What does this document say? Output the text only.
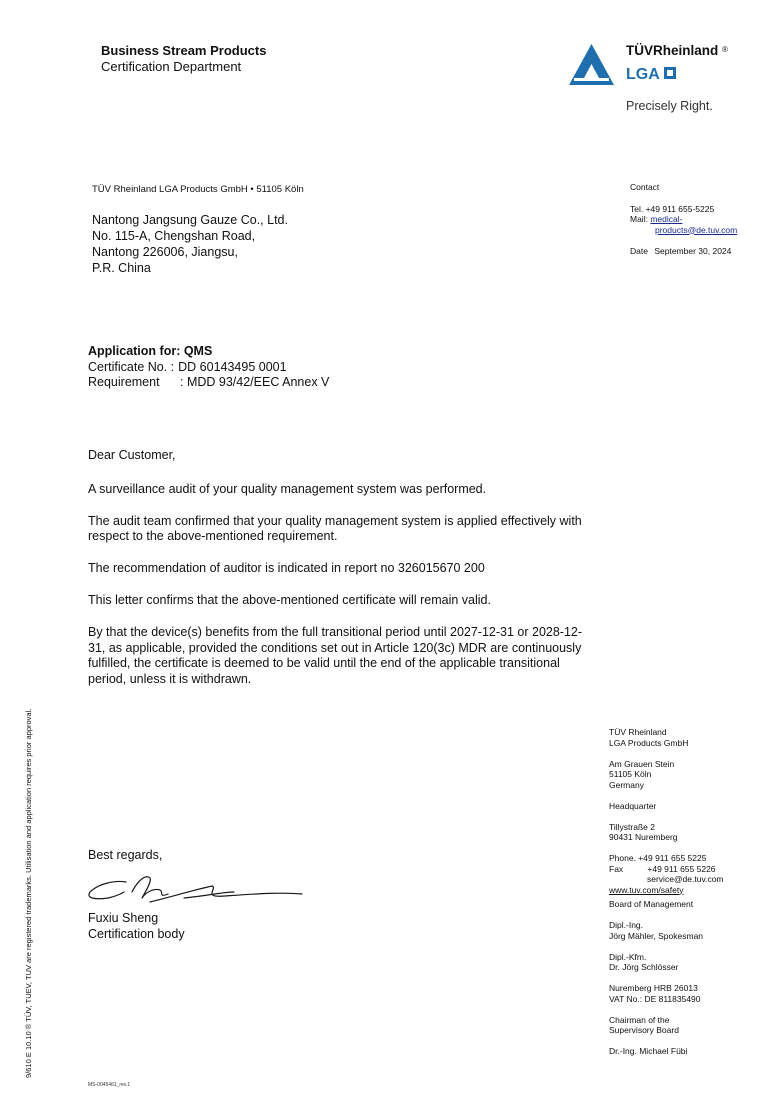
Business Stream Products
Certification Department
TÜVRheinland ®
LGA
Precisely Right.
TÜV Rheinland LGA Products GmbH • 51105 Köln
Nantong Jangsung Gauze Co., Ltd.
No. 115-A, Chengshan Road,
Nantong 226006, Jiangsu,
P.R. China
Contact
Tel. +49 911 655-5225
Mail: medical-
products@de.tuv.com
Date September 30, 2024
Application for: QMS
Certificate No. : DD 60143495 0001
Requirement	: MDD 93/42/EEC Annex V

Dear Customer,

A surveillance audit of your quality management system was performed.

The audit team confirmed that your quality management system is applied effectively with respect to the above-mentioned requirement.

The recommendation of auditor is indicated in report no 326015670 200

This letter confirms that the above-mentioned certificate will remain valid.

By that the device(s) benefits from the full transitional period until 2027-12-31 or 2028-12-31, as applicable, provided the conditions set out in Article 120(3c) MDR are continuously fulfilled, the certificate is deemed to be valid until the end of the applicable transitional period, unless it is withdrawn.

TÜV Rheinland
LGA Products GmbH
Am Grauen Stein
51105 Köln
Germany
Headquarter
Tillystraße 2
90431 Nuremberg
Phone. +49 911 655 5225
Fax	+49 911 655 5226
service@de.tuv.com
www.tuv.com/safety
Board of Management
Dipl.-Ing.
Jörg Mähler, Spokesman
Dipl.-Kfm.
Dr. Jörg Schlösser
Nuremberg HRB 26013
VAT No.: DE 811835490
Chairman of the
Supervisory Board
Dr.-Ing. Michael Fübi
Best regards,
Fuxiu Sheng
Certification body
9/610 E 10.10 ® TÜV, TUEV, TUV are registered trademarks. Utilisation and application requires prior approval.
MS-0045461_rev.1
